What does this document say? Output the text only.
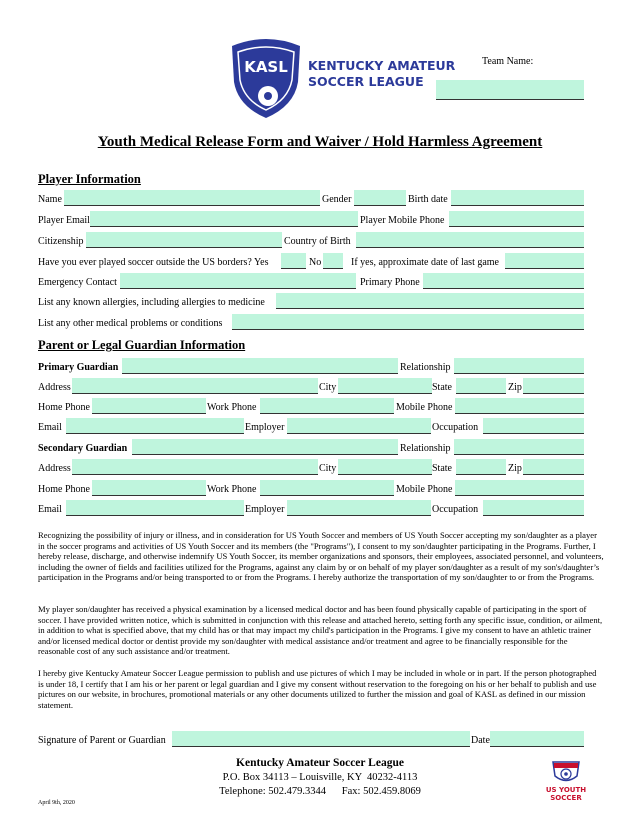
KASL KENTUCKY AMATEUR
SOCCER LEAGUE
Team Name:
Youth Medical Release Form and Waiver / Hold Harmless Agreement
Player Information
Name	Gender	Birth date
Player Email	Player Mobile Phone
Citizenship	Country of Birth
Have you ever played soccer outside the US borders? Yes	No	If yes, approximate date of last game
Emergency Contact	Primary Phone
List any known allergies, including allergies to medicine
List any other medical problems or conditions
Parent or Legal Guardian Information
Primary Guardian	Relationship
Address	City	State	Zip
Home Phone	Work Phone	Mobile Phone
Email	Employer	Occupation
Secondary Guardian	Relationship
Address	City	State	Zip
Home Phone	Work Phone	Mobile Phone
Email	Employer	Occupation
Recognizing the possibility of injury or illness, and in consideration for US Youth Soccer and members of US Youth Soccer accepting my son/daughter as a player in the soccer programs and activities of US Youth Soccer and its members (the "Programs"), I consent to my son/daughter participating in the Programs. Further, I hereby release, discharge, and otherwise indemnify US Youth Soccer, its member organizations and sponsors, their employees, associated personnel, and volunteers, including the owner of fields and facilities utilized for the Programs, against any claim by or on behalf of my player son/daughter as a result of my son's/daughter’s participation in the Programs and/or being transported to or from the Programs. I hereby authorize the transportation of my son/daughter to or from the Programs.
My player son/daughter has received a physical examination by a licensed medical doctor and has been found physically capable of participating in the sport of soccer. I have provided written notice, which is submitted in conjunction with this release and attached hereto, setting forth any specific issue, condition, or ailment, in addition to what is specified above, that my child has or that may impact my child's participation in the Programs. I give my consent to have an athletic trainer and/or licensed medical doctor or dentist provide my son/daughter with medical assistance and/or treatment and agree to be financially responsible for the reasonable cost of any such assistance and/or treatment.
I hereby give Kentucky Amateur Soccer League permission to publish and use pictures of which I may be included in whole or in part. If the person photographed is under 18, I certify that I am his or her parent or legal guardian and I give my consent without reservation to the foregoing on his or her behalf to publish and use pictures on our website, in brochures, promotional materials or any other documents utilized to further the mission and goal of KASL as defined in our mission statement.
Signature of Parent or Guardian	Date
Kentucky Amateur Soccer League
P.O. Box 34113 – Louisville, KY  40232-4113
Telephone: 502.479.3344      Fax: 502.459.8069
April 9th, 2020
US YOUTH SOCCER
